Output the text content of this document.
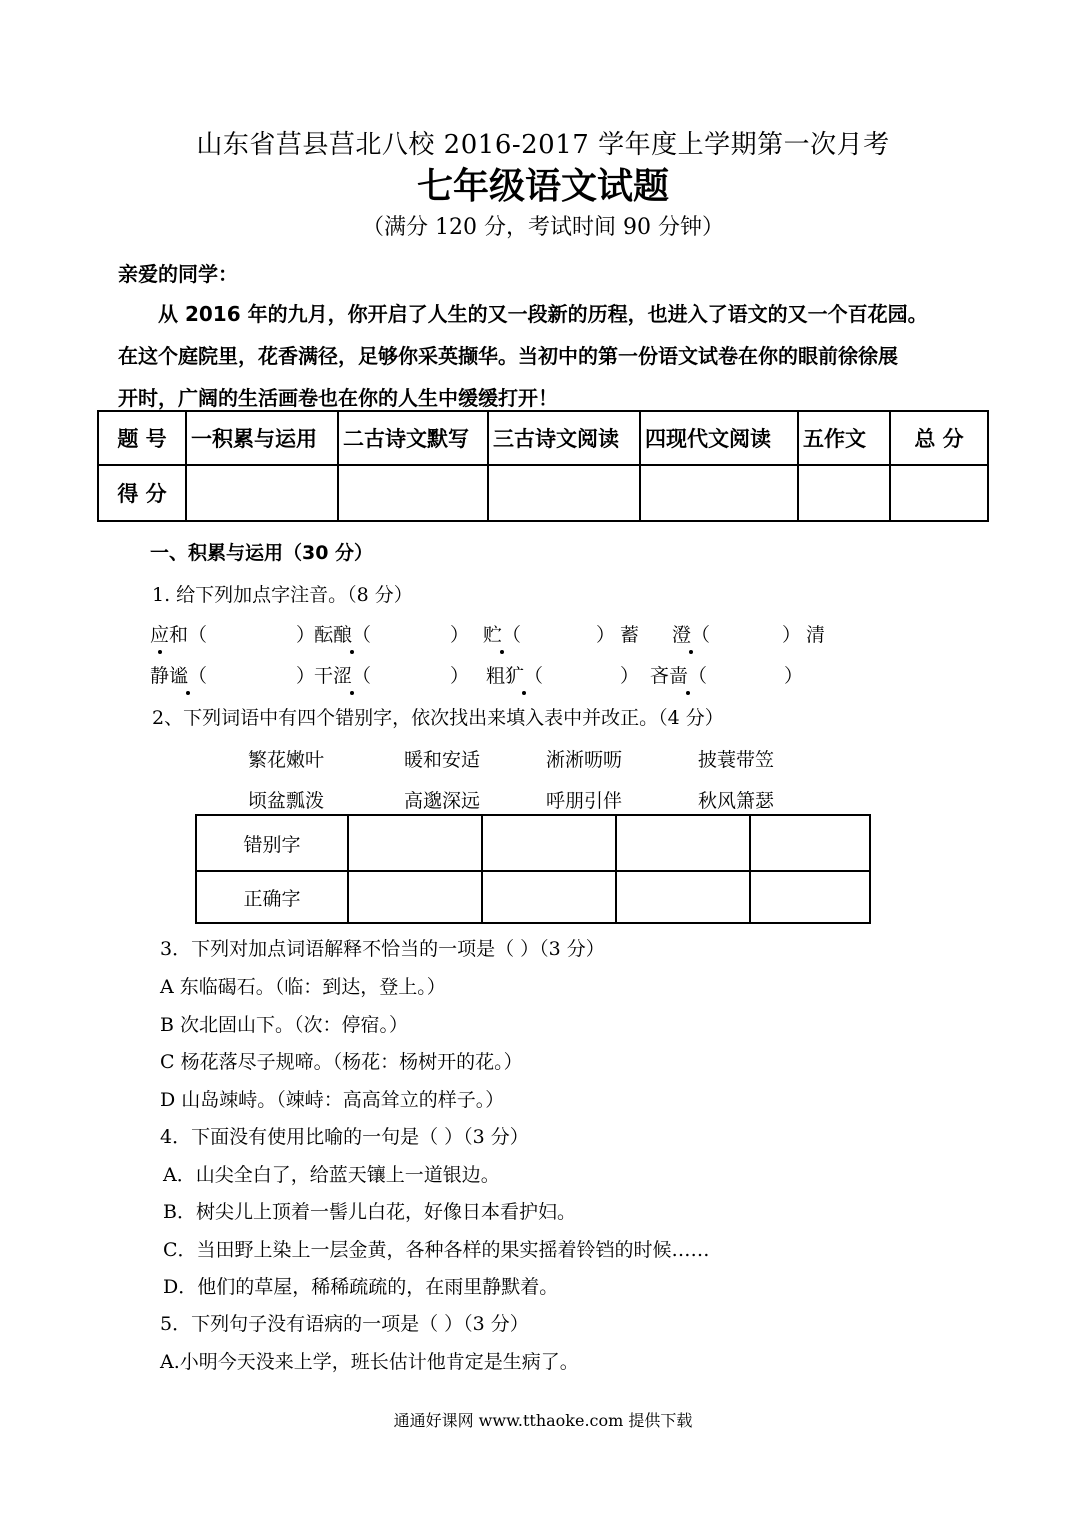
山东省莒县莒北八校 2016-2017 学年度上学期第一次月考
七年级语文试题
（满分 120 分，考试时间 90 分钟）
亲爱的同学：
从 2016 年的九月，你开启了人生的又一段新的历程，也进入了语文的又一个百花园。
在这个庭院里，花香满径，足够你采英撷华。当初中的第一份语文试卷在你的眼前徐徐展
开时，广阔的生活画卷也在你的人生中缓缓打开！
题 号	一积累与运用	二古诗文默写	三古诗文阅读	四现代文阅读	五作文	总 分
得 分						
一、积累与运用（30 分）
1. 给下列加点字注音。（8 分）
应和（	）
酝酿（	） 贮（	） 蓄 澄（	） 清
静谧（	）
干涩（	） 粗犷（	） 吝啬（	）
2、下列词语中有四个错别字，依次找出来填入表中并改正。（4 分）
繁花嫩叶	暖和安适	淅淅呖呖	披蓑带笠
顷盆瓢泼	高邈深远	呼朋引伴	秋风箫瑟
错别字				
正确字				
3．下列对加点词语解释不恰当的一项是（ ）（3 分）
A 东临碣石。（临：到达，登上。）
B 次北固山下。（次：停宿。）
C 杨花落尽子规啼。（杨花：杨树开的花。）
D 山岛竦峙。（竦峙：高高耸立的样子。）
4．下面没有使用比喻的一句是（ ）（3 分）
A．山尖全白了，给蓝天镶上一道银边。
B．树尖儿上顶着一髻儿白花，好像日本看护妇。
C．当田野上染上一层金黄，各种各样的果实摇着铃铛的时候……
D．他们的草屋，稀稀疏疏的，在雨里静默着。
5．下列句子没有语病的一项是（ ）（3 分）
A.小明今天没来上学，班长估计他肯定是生病了。
通通好课网 www.tthaoke.com 提供下载
